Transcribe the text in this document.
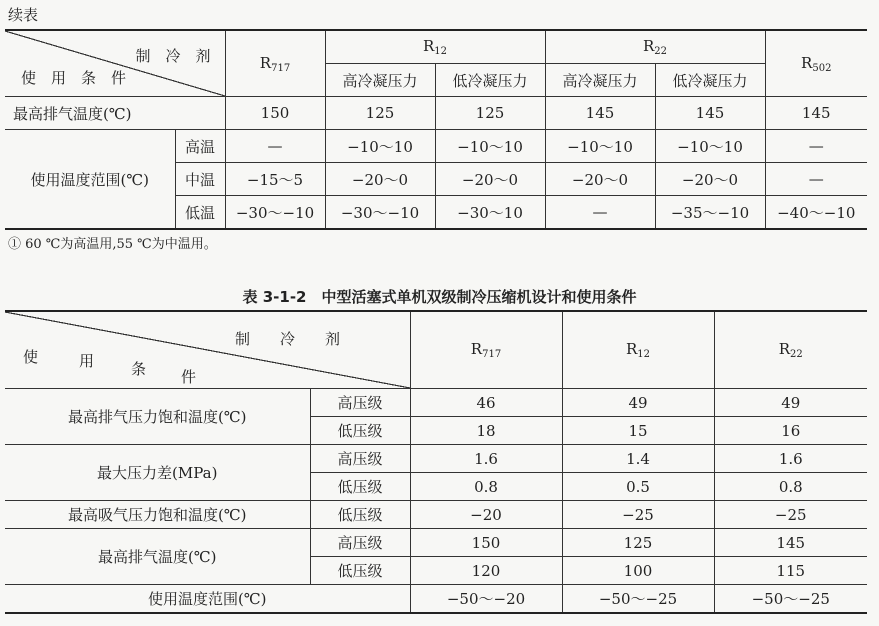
续表
制　冷　剂
使　用　条　件		$R_{717}$	$R_{12}$		$R_{22}$		$R_{502}$
			高冷凝压力	低冷凝压力	高冷凝压力	低冷凝压力	
最高排气温度(℃)		150	125	125	145	145	145
使用温度范围(℃)	高温	—	−10～10	−10～10	−10～10	−10～10	—
	中温	−15～5	−20～0	−20～0	−20～0	−20～0	—
	低温	−30～−10	−30～−10	−30～10	—	−35～−10	−40～−10
① 60 ℃为高温用,55 ℃为中温用。
表 3-1-2　中型活塞式单机双级制冷压缩机设计和使用条件
制　　冷　　剂
使 用 条 件		$R_{717}$	$R_{12}$	$R_{22}$
最高排气压力饱和温度(℃)	高压级	46	49	49
	低压级	18	15	16
最大压力差(MPa)	高压级	1.6	1.4	1.6
	低压级	0.8	0.5	0.8
最高吸气压力饱和温度(℃)	低压级	−20	−25	−25
最高排气温度(℃)	高压级	150	125	145
	低压级	120	100	115
使用温度范围(℃)		−50～−20	−50～−25	−50～−25
